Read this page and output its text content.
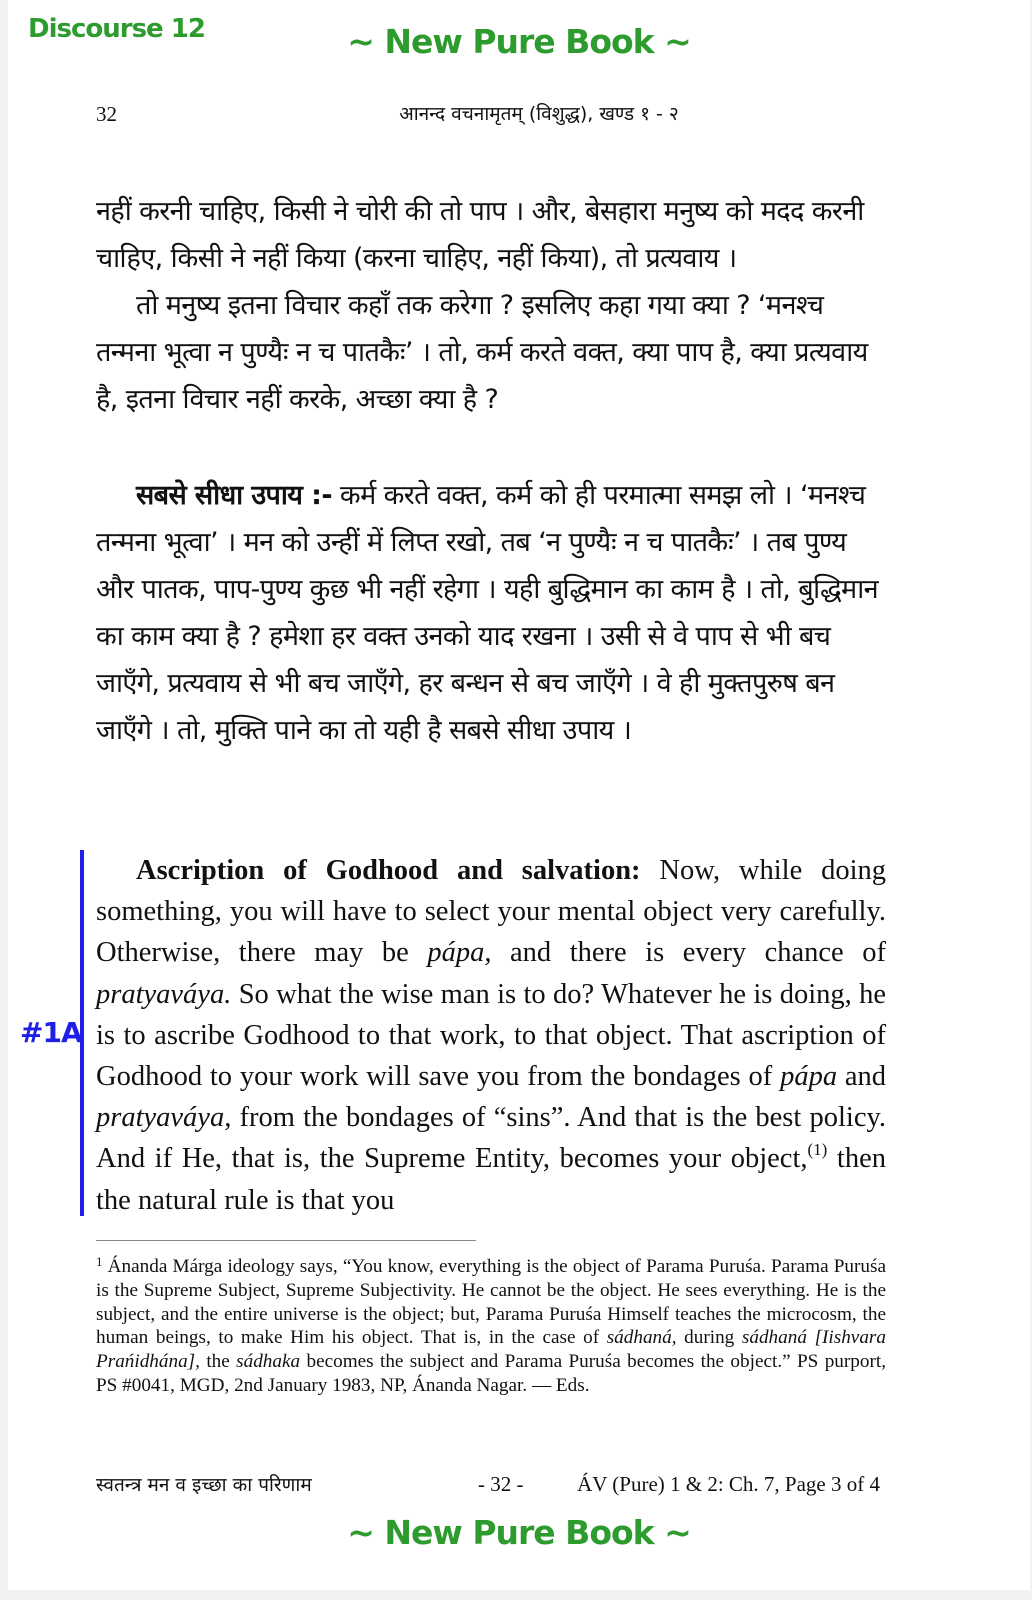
Discourse 12	~ New Pure Book ~
32	आनन्द वचनामृतम् (विशुद्ध), खण्ड १ - २

नहीं करनी चाहिए, किसी ने चोरी की तो पाप । और, बेसहारा मनुष्य को मदद करनी चाहिए, किसी ने नहीं किया (करना चाहिए, नहीं किया), तो प्रत्यवाय ।
तो मनुष्य इतना विचार कहाँ तक करेगा ? इसलिए कहा गया क्या ? ‘मनश्च तन्मना भूत्वा न पुण्यैः न च पातकैः’ । तो, कर्म करते वक्त, क्या पाप है, क्या प्रत्यवाय है, इतना विचार नहीं करके, अच्छा क्या है ?

सबसे सीधा उपाय :- कर्म करते वक्त, कर्म को ही परमात्मा समझ लो । ‘मनश्च तन्मना भूत्वा’ । मन को उन्हीं में लिप्त रखो, तब ‘न पुण्यैः न च पातकैः’ । तब पुण्य और पातक, पाप-पुण्य कुछ भी नहीं रहेगा । यही बुद्धिमान का काम है । तो, बुद्धिमान का काम क्या है ? हमेशा हर वक्त उनको याद रखना । उसी से वे पाप से भी बच जाएँगे, प्रत्यवाय से भी बच जाएँगे, हर बन्धन से बच जाएँगे । वे ही मुक्तपुरुष बन जाएँगे । तो, मुक्ति पाने का तो यही है सबसे सीधा उपाय ।

#1A

Ascription of Godhood and salvation: Now, while doing something, you will have to select your mental object very carefully. Otherwise, there may be pápa, and there is every chance of pratyaváya. So what the wise man is to do? Whatever he is doing, he is to ascribe Godhood to that work, to that object. That ascription of Godhood to your work will save you from the bondages of pápa and pratyaváya, from the bondages of “sins”. And that is the best policy. And if He, that is, the Supreme Entity, becomes your object,$^{(1)}$ then the natural rule is that you

$^1$ Ánanda Márga ideology says, “You know, everything is the object of Parama Puruśa. Parama Puruśa is the Supreme Subject, Supreme Subjectivity. He cannot be the object. He sees everything. He is the subject, and the entire universe is the object; but, Parama Puruśa Himself teaches the microcosm, the human beings, to make Him his object. That is, in the case of sádhaná, during sádhaná [Iishvara Prańidhána], the sádhaka becomes the subject and Parama Puruśa becomes the object.” PS purport, PS #0041, MGD, 2nd January 1983, NP, Ánanda Nagar. — Eds.

स्वतन्त्र मन व इच्छा का परिणाम	- 32 -	ÁV (Pure) 1 & 2: Ch. 7, Page 3 of 4
~ New Pure Book ~
